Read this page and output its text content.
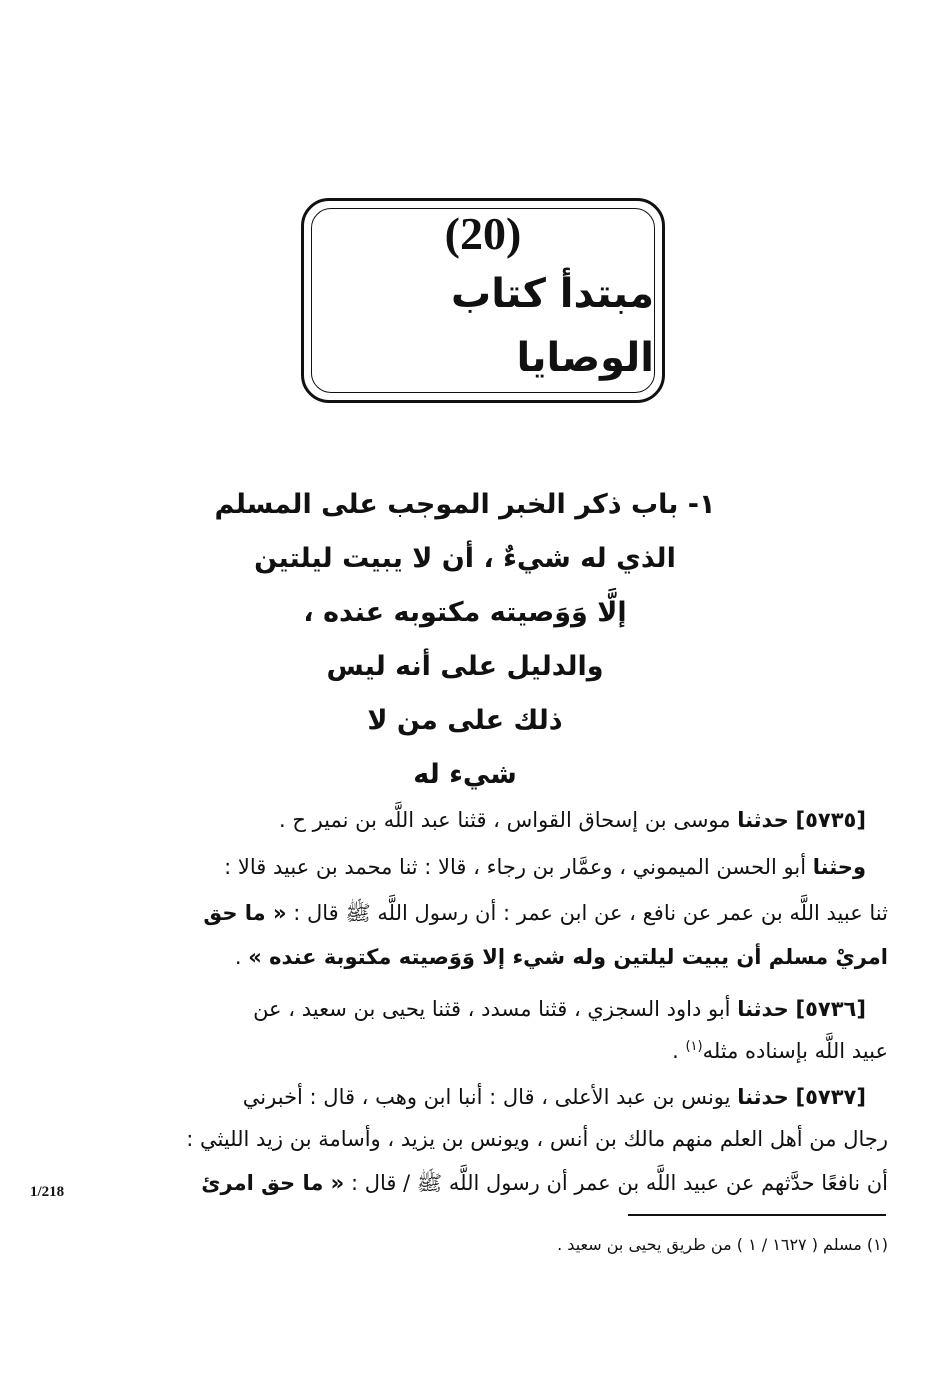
(20)
مبتدأ كتاب الوصايا
١- باب ذكر الخبر الموجب على المسلم
الذي له شيءٌ ، أن لا يبيت ليلتين
إلَّا وَوَصيته مكتوبه عنده ،
والدليل على أنه ليس
ذلك على من لا
شيء له
[٥٧٣٥] حدثنا موسى بن إسحاق القواس ، قثنا عبد اللَّه بن نمير ح .
وحثنا أبو الحسن الميموني ، وعمَّار بن رجاء ، قالا : ثنا محمد بن عبيد قالا :
ثنا عبيد اللَّه بن عمر عن نافع ، عن ابن عمر : أن رسول اللَّه ﷺ قال : « ما حق
امريْ مسلم أن يبيت ليلتين وله شيء إلا وَوَصيته مكتوبة عنده » .
[٥٧٣٦] حدثنا أبو داود السجزي ، قثنا مسدد ، قثنا يحيى بن سعيد ، عن
عبيد اللَّه بإسناده مثله$^{(١)}$ .
[٥٧٣٧] حدثنا يونس بن عبد الأعلى ، قال : أنبا ابن وهب ، قال : أخبرني
رجال من أهل العلم منهم مالك بن أنس ، ويونس بن يزيد ، وأسامة بن زيد الليثي :
أن نافعًا حدَّثهم عن عبيد اللَّه بن عمر أن رسول اللَّه ﷺ / قال : « ما حق امرئ
1/218
(١) مسلم ( ١٦٢٧ / ١ ) من طريق يحيى بن سعيد .
